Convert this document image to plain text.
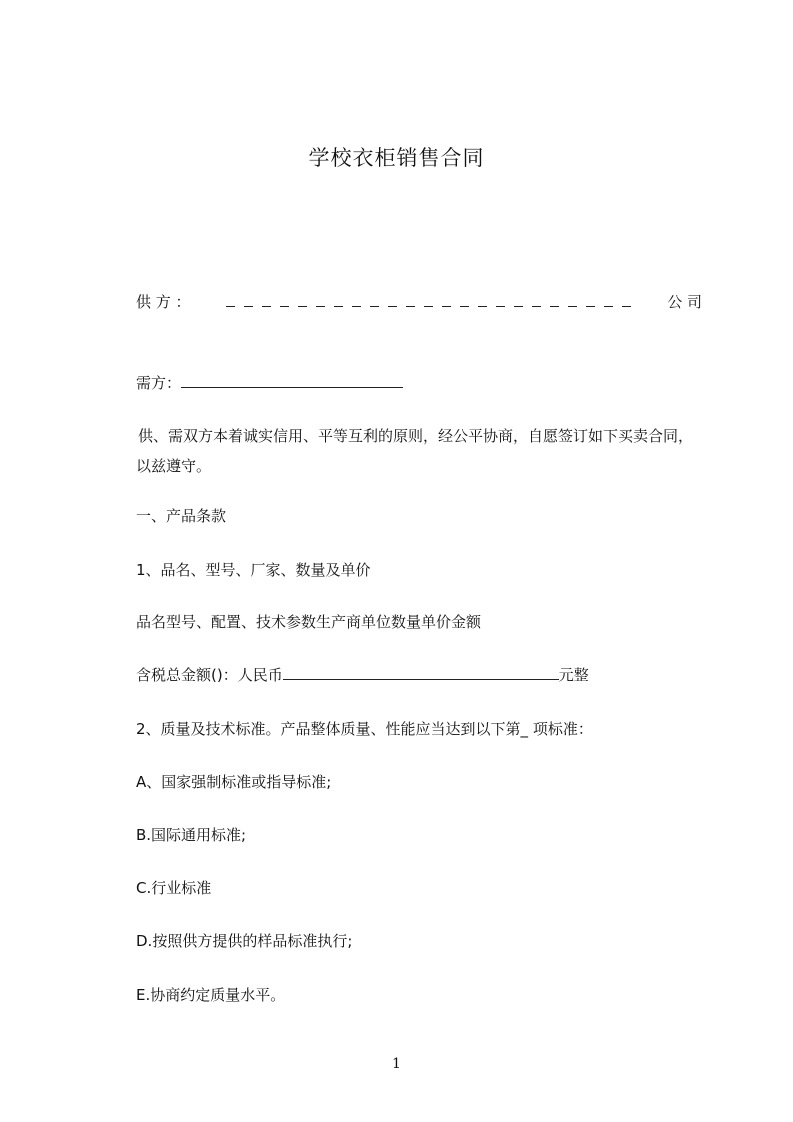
学校衣柜销售合同
供 方 ：	公 司
需方：
供、需双方本着诚实信用、平等互利的原则，经公平协商，自愿签订如下买卖合同，以兹遵守。
一、产品条款
1、品名、型号、厂家、数量及单价
品名型号、配置、技术参数生产商单位数量单价金额
含税总金额()：人民币	元整
2、质量及技术标准。产品整体质量、性能应当达到以下第_ 项标准：
A、国家强制标准或指导标准;
B.国际通用标准;
C.行业标准
D.按照供方提供的样品标准执行;
E.协商约定质量水平。
1
